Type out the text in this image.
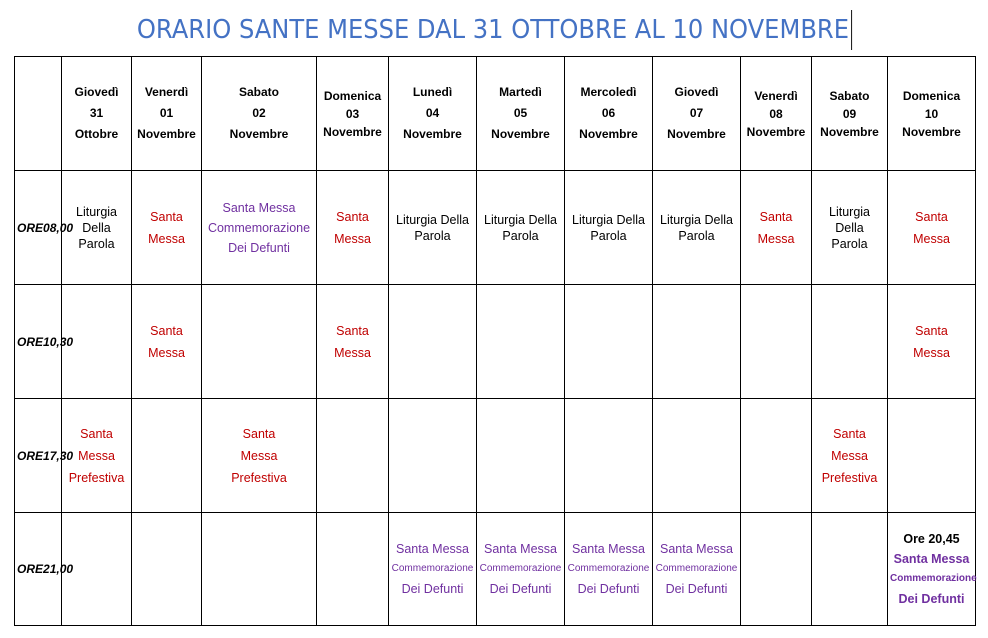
ORARIO SANTE MESSE DAL 31 OTTOBRE AL 10 NOVEMBRE

	Giovedì
31
Ottobre	Venerdì
01
Novembre	Sabato
02
Novembre	Domenica
03
Novembre	Lunedì
04
Novembre	Martedì
05
Novembre	Mercoledì
06
Novembre	Giovedì
07
Novembre	Venerdì
08
Novembre	Sabato
09
Novembre	Domenica
10
Novembre

ORE08,00	Liturgia
Della
Parola	Santa
Messa	Santa Messa
Commemorazione
Dei Defunti	Santa
Messa	Liturgia Della
Parola	Liturgia Della
Parola	Liturgia Della
Parola	Liturgia Della
Parola	Santa
Messa	Liturgia
Della
Parola	Santa
Messa

ORE10,30		Santa
Messa		Santa
Messa							Santa
Messa

ORE17,30	Santa
Messa
Prefestiva		Santa
Messa
Prefestiva							Santa
Messa
Prefestiva	

ORE21,00					Santa Messa
Commemorazione
Dei Defunti	Santa Messa
Commemorazione
Dei Defunti	Santa Messa
Commemorazione
Dei Defunti	Santa Messa
Commemorazione
Dei Defunti			Ore 20,45
Santa Messa
Commemorazione
Dei Defunti
